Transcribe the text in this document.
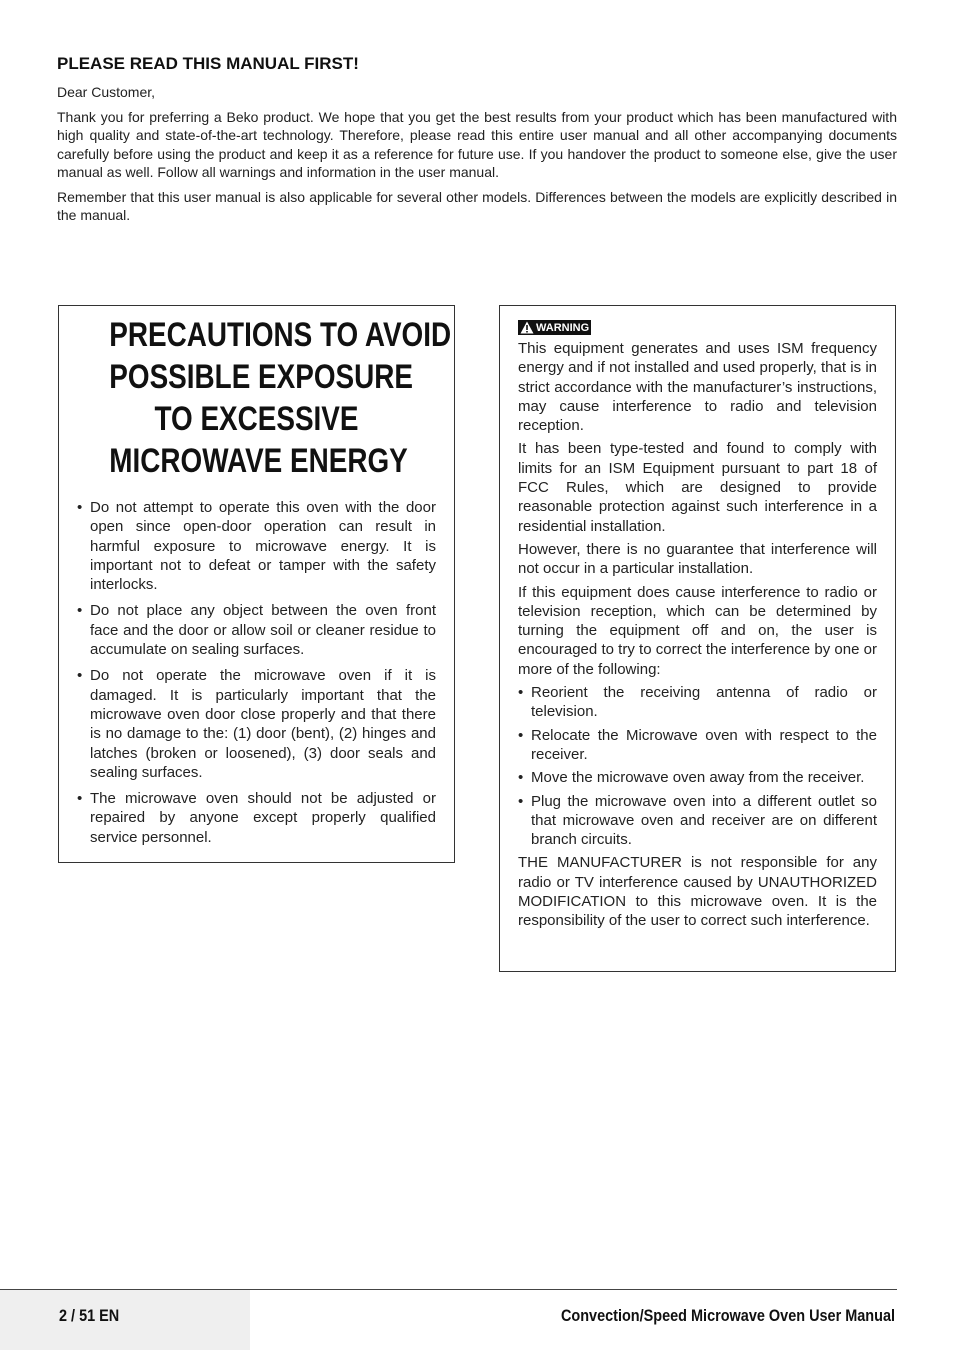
PLEASE READ THIS MANUAL FIRST!

Dear Customer,

Thank you for preferring a Beko product. We hope that you get the best results from your product which has been manufactured with high quality and state-of-the-art technology. Therefore, please read this entire user manual and all other accompanying documents carefully before using the product and keep it as a reference for future use. If you handover the product to someone else, give the user manual as well. Follow all warnings and information in the user manual.

Remember that this user manual is also applicable for several other models. Differences between the models are explicitly described in the manual.

PRECAUTIONS TO AVOID
POSSIBLE EXPOSURE
TO EXCESSIVE
MICROWAVE ENERGY
• Do not attempt to operate this oven with the door open since open-door operation can result in harmful exposure to microwave energy. It is important not to defeat or tamper with the safety interlocks.
• Do not place any object between the oven front face and the door or allow soil or cleaner residue to accumulate on sealing surfaces.
• Do not operate the microwave oven if it is damaged. It is particularly important that the microwave oven door close properly and that there is no damage to the: (1) door (bent), (2) hinges and latches (broken or loosened), (3) door seals and sealing surfaces.
• The microwave oven should not be adjusted or repaired by anyone except properly qualified service personnel.
WARNING

This equipment generates and uses ISM frequency energy and if not installed and used properly, that is in strict accordance with the manufacturer’s instructions, may cause interference to radio and television reception.

It has been type-tested and found to comply with limits for an ISM Equipment pursuant to part 18 of FCC Rules, which are designed to provide reasonable protection against such interference in a residential installation.

However, there is no guarantee that interference will not occur in a particular installation.

If this equipment does cause interference to radio or television reception, which can be determined by turning the equipment off and on, the user is encouraged to try to correct the interference by one or more of the following:

• Reorient the receiving antenna of radio or television.
• Relocate the Microwave oven with respect to the receiver.
• Move the microwave oven away from the receiver.
• Plug the microwave oven into a different outlet so that microwave oven and receiver are on different branch circuits.

THE MANUFACTURER is not responsible for any radio or TV interference caused by UNAUTHORIZED MODIFICATION to this microwave oven. It is the responsibility of the user to correct such interference.

2 / 51 EN	Convection/Speed Microwave Oven User Manual
